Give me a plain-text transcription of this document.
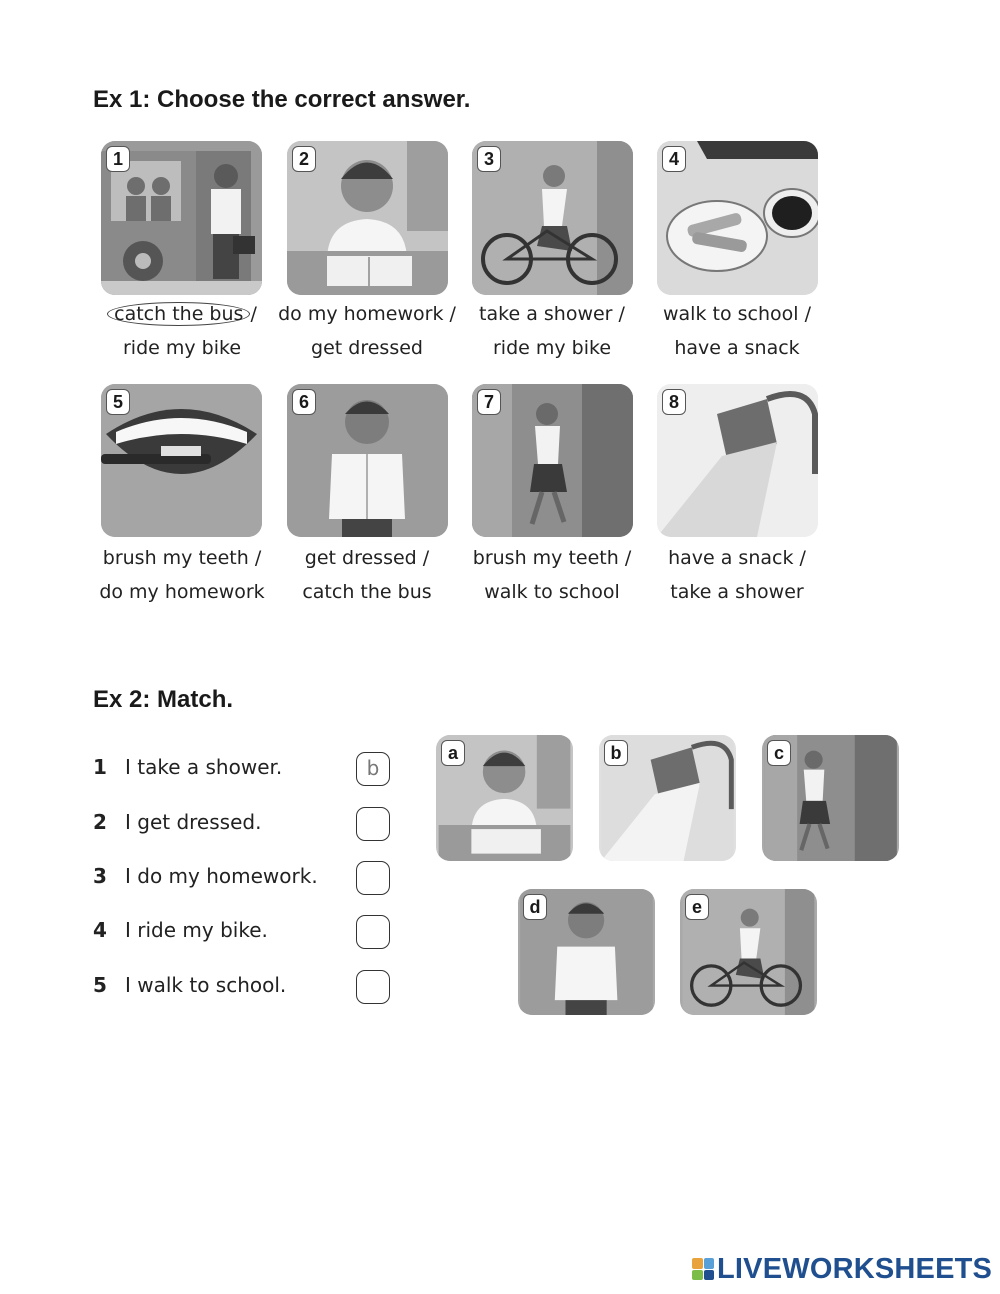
Ex 1: Choose the correct answer.
1	2	3	4
catch the bus /
ride my bike
do my homework /
get dressed
take a shower /
ride my bike
walk to school /
have a snack
5	6	7	8
brush my teeth /
do my homework
get dressed /
catch the bus
brush my teeth /
walk to school
have a snack /
take a shower
Ex 2: Match.
1 I take a shower.	b
2 I get dressed.
3 I do my homework.
4 I ride my bike.
5 I walk to school.
a	b	c
d	e
LIVEWORKSHEETS
